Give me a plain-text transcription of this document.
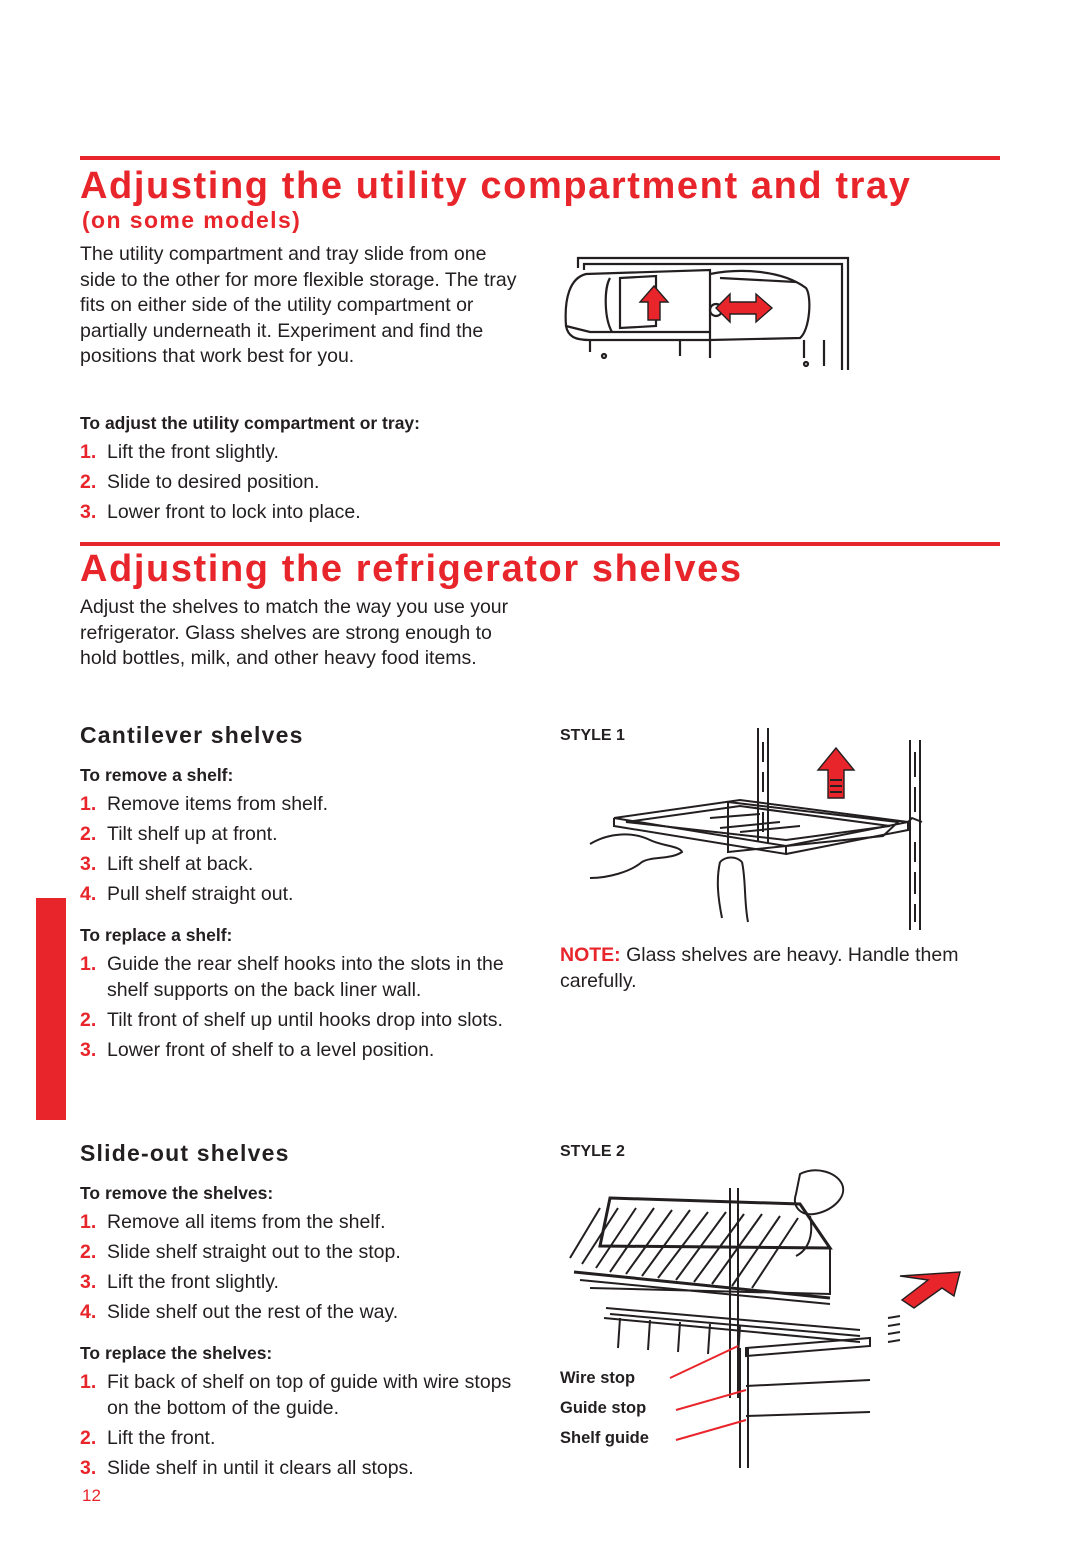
Adjusting the utility compartment and tray
(on some models)

The utility compartment and tray slide from one side to the other for more flexible storage. The tray fits on either side of the utility compartment or partially underneath it. Experiment and find the positions that work best for you.

To adjust the utility compartment or tray:
1. Lift the front slightly.
2. Slide to desired position.
3. Lower front to lock into place.
Adjusting the refrigerator shelves

Adjust the shelves to match the way you use your refrigerator. Glass shelves are strong enough to hold bottles, milk, and other heavy food items.

Cantilever shelves
To remove a shelf:
1. Remove items from shelf.
2. Tilt shelf up at front.
3. Lift shelf at back.
4. Pull shelf straight out.
To replace a shelf:
1. Guide the rear shelf hooks into the slots in the shelf supports on the back liner wall.
2. Tilt front of shelf up until hooks drop into slots.
3. Lower front of shelf to a level position.
STYLE 1
NOTE: Glass shelves are heavy. Handle them carefully.
Slide-out shelves
To remove the shelves:
1. Remove all items from the shelf.
2. Slide shelf straight out to the stop.
3. Lift the front slightly.
4. Slide shelf out the rest of the way.
To replace the shelves:
1. Fit back of shelf on top of guide with wire stops on the bottom of the guide.
2. Lift the front.
3. Slide shelf in until it clears all stops.
STYLE 2
Wire stop
Guide stop
Shelf guide
12
